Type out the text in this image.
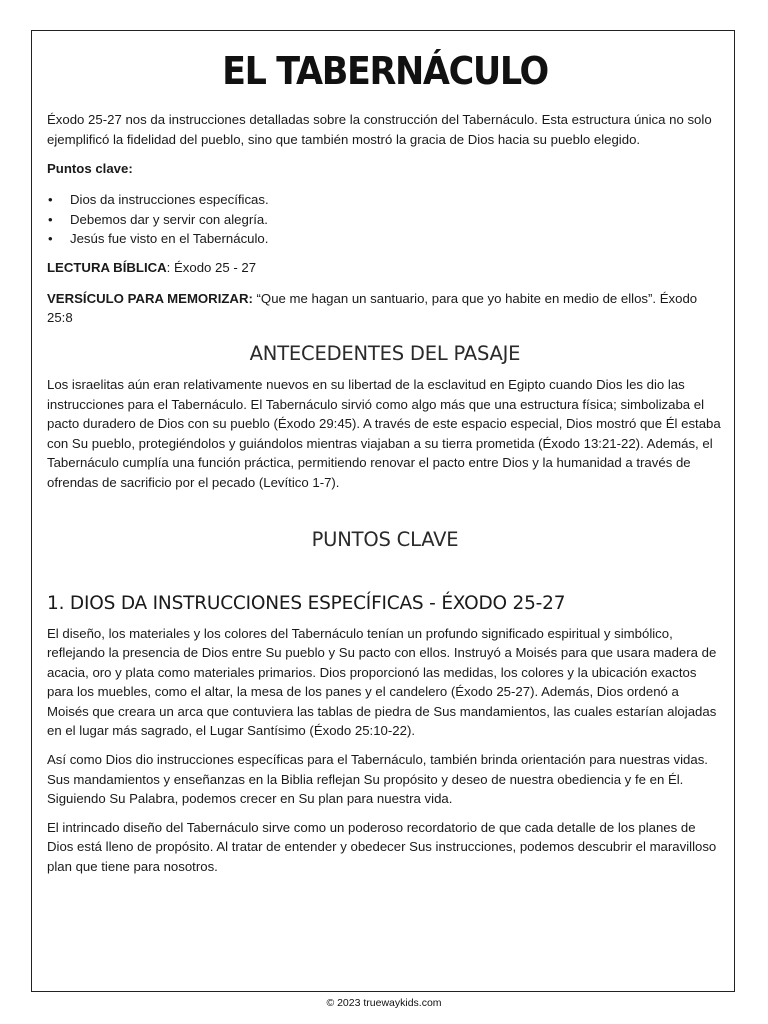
EL TABERNÁCULO

Éxodo 25-27 nos da instrucciones detalladas sobre la construcción del Tabernáculo. Esta estructura única no solo ejemplificó la fidelidad del pueblo, sino que también mostró la gracia de Dios hacia su pueblo elegido.

Puntos clave:

• Dios da instrucciones específicas.
• Debemos dar y servir con alegría.
• Jesús fue visto en el Tabernáculo.

LECTURA BÍBLICA: Éxodo 25 - 27

VERSÍCULO PARA MEMORIZAR: “Que me hagan un santuario, para que yo habite en medio de ellos”. Éxodo 25:8

ANTECEDENTES DEL PASAJE

Los israelitas aún eran relativamente nuevos en su libertad de la esclavitud en Egipto cuando Dios les dio las instrucciones para el Tabernáculo. El Tabernáculo sirvió como algo más que una estructura física; simbolizaba el pacto duradero de Dios con su pueblo (Éxodo 29:45). A través de este espacio especial, Dios mostró que Él estaba con Su pueblo, protegiéndolos y guiándolos mientras viajaban a su tierra prometida (Éxodo 13:21-22). Además, el Tabernáculo cumplía una función práctica, permitiendo renovar el pacto entre Dios y la humanidad a través de ofrendas de sacrificio por el pecado (Levítico 1-7).

PUNTOS CLAVE
1. DIOS DA INSTRUCCIONES ESPECÍFICAS - ÉXODO 25-27

El diseño, los materiales y los colores del Tabernáculo tenían un profundo significado espiritual y simbólico, reflejando la presencia de Dios entre Su pueblo y Su pacto con ellos. Instruyó a Moisés para que usara madera de acacia, oro y plata como materiales primarios. Dios proporcionó las medidas, los colores y la ubicación exactos para los muebles, como el altar, la mesa de los panes y el candelero (Éxodo 25-27). Además, Dios ordenó a Moisés que creara un arca que contuviera las tablas de piedra de Sus mandamientos, las cuales estarían alojadas en el lugar más sagrado, el Lugar Santísimo (Éxodo 25:10-22).

Así como Dios dio instrucciones específicas para el Tabernáculo, también brinda orientación para nuestras vidas. Sus mandamientos y enseñanzas en la Biblia reflejan Su propósito y deseo de nuestra obediencia y fe en Él. Siguiendo Su Palabra, podemos crecer en Su plan para nuestra vida.

El intrincado diseño del Tabernáculo sirve como un poderoso recordatorio de que cada detalle de los planes de Dios está lleno de propósito. Al tratar de entender y obedecer Sus instrucciones, podemos descubrir el maravilloso plan que tiene para nosotros.

© 2023 truewaykids.com
